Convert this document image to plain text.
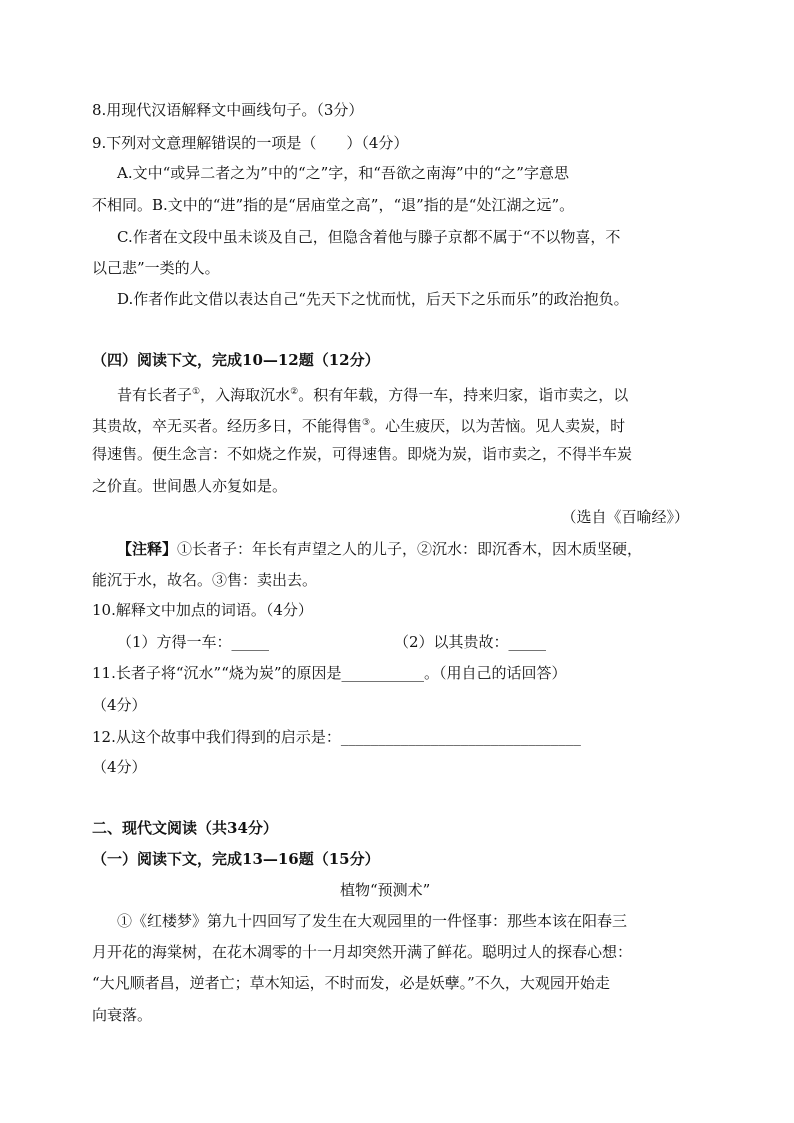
8.用现代汉语解释文中画线句子。（3分）
9.下列对文意理解错误的一项是（　　）（4分）
A.文中“或异二者之为”中的“之”字，和“吾欲之南海”中的“之”字意思
不相同。B.文中的“进”指的是“居庙堂之高”，“退”指的是“处江湖之远”。
C.作者在文段中虽未谈及自己，但隐含着他与滕子京都不属于“不以物喜，不
以己悲”一类的人。
D.作者作此文借以表达自己“先天下之忧而忧，后天下之乐而乐”的政治抱负。
（四）阅读下文，完成10—12题（12分）
昔有长者子①，入海取沉水②。积有年载，方得一车，持来归家，诣市卖之，以
其贵故，卒无买者。经历多日，不能得售③。心生疲厌，以为苦恼。见人卖炭，时
得速售。便生念言：不如烧之作炭，可得速售。即烧为炭，诣市卖之，不得半车炭
之价直。世间愚人亦复如是。
（选自《百喻经》）
【注释】①长者子：年长有声望之人的儿子，②沉水：即沉香木，因木质坚硬，
能沉于水，故名。③售：卖出去。
10.解释文中加点的词语。（4分）
（1）方得一车：_____	（2）以其贵故：_____
11.长者子将“沉水”“烧为炭”的原因是___________。（用自己的话回答）
（4分）
12.从这个故事中我们得到的启示是：________________________________
（4分）
二、现代文阅读（共34分）
（一）阅读下文，完成13—16题（15分）
植物“预测术”
①《红楼梦》第九十四回写了发生在大观园里的一件怪事：那些本该在阳春三
月开花的海棠树，在花木凋零的十一月却突然开满了鲜花。聪明过人的探春心想：
“大凡顺者昌，逆者亡；草木知运，不时而发，必是妖孽。”不久，大观园开始走
向衰落。
